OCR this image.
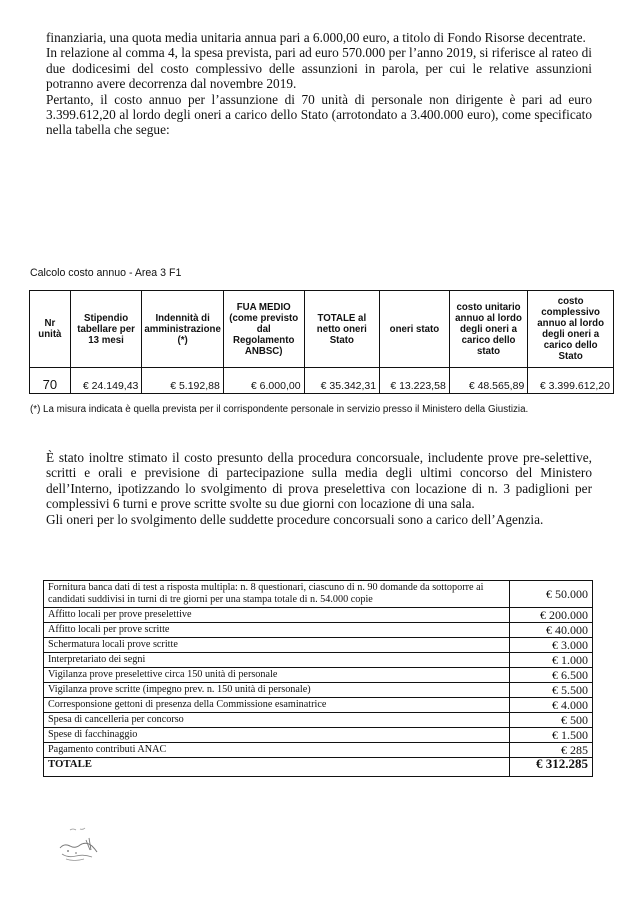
finanziaria, una quota media unitaria annua pari a 6.000,00 euro, a titolo di Fondo Risorse decentrate.

In relazione al comma 4, la spesa prevista, pari ad euro 570.000 per l’anno 2019, si riferisce al rateo di due dodicesimi del costo complessivo delle assunzioni in parola, per cui le relative assunzioni potranno avere decorrenza dal novembre 2019.

Pertanto, il costo annuo per l’assunzione di 70 unità di personale non dirigente è pari ad euro 3.399.612,20 al lordo degli oneri a carico dello Stato (arrotondato a 3.400.000 euro), come specificato nella tabella che segue:

Calcolo costo annuo - Area 3 F1
Nr unità	Stipendio tabellare per 13 mesi	Indennità di amministrazione (*)	FUA MEDIO (come previsto dal Regolamento ANBSC)	TOTALE al netto oneri Stato	oneri stato	costo unitario annuo al lordo degli oneri a carico dello stato	costo complessivo annuo al lordo degli oneri a carico dello Stato
70	€ 24.149,43	€ 5.192,88	€ 6.000,00	€ 35.342,31	€ 13.223,58	€ 48.565,89	€ 3.399.612,20
(*) La misura indicata è quella prevista per il corrispondente personale in servizio presso il Ministero della Giustizia.

È stato inoltre stimato il costo presunto della procedura concorsuale, includente prove pre-selettive, scritti e orali e previsione di partecipazione sulla media degli ultimi concorso del Ministero dell’Interno, ipotizzando lo svolgimento di prova preselettiva con locazione di n. 3 padiglioni per complessivi 6 turni e prove scritte svolte su due giorni con locazione di una sala.

Gli oneri per lo svolgimento delle suddette procedure concorsuali sono a carico dell’Agenzia.

Fornitura banca dati di test a risposta multipla: n. 8 questionari, ciascuno di n. 90 domande da sottoporre ai candidati suddivisi in turni di tre giorni per una stampa totale di n. 54.000 copie	€ 50.000
Affitto locali per prove preselettive	€ 200.000
Affitto locali per prove scritte	€ 40.000
Schermatura locali prove scritte	€ 3.000
Interpretariato dei segni	€ 1.000
Vigilanza prove preselettive circa 150 unità di personale	€ 6.500
Vigilanza prove scritte (impegno prev. n. 150 unità di personale)	€ 5.500
Corresponsione gettoni di presenza della Commissione esaminatrice	€ 4.000
Spesa di cancelleria per concorso	€ 500
Spese di facchinaggio	€ 1.500
Pagamento contributi ANAC	€ 285
TOTALE	€ 312.285
